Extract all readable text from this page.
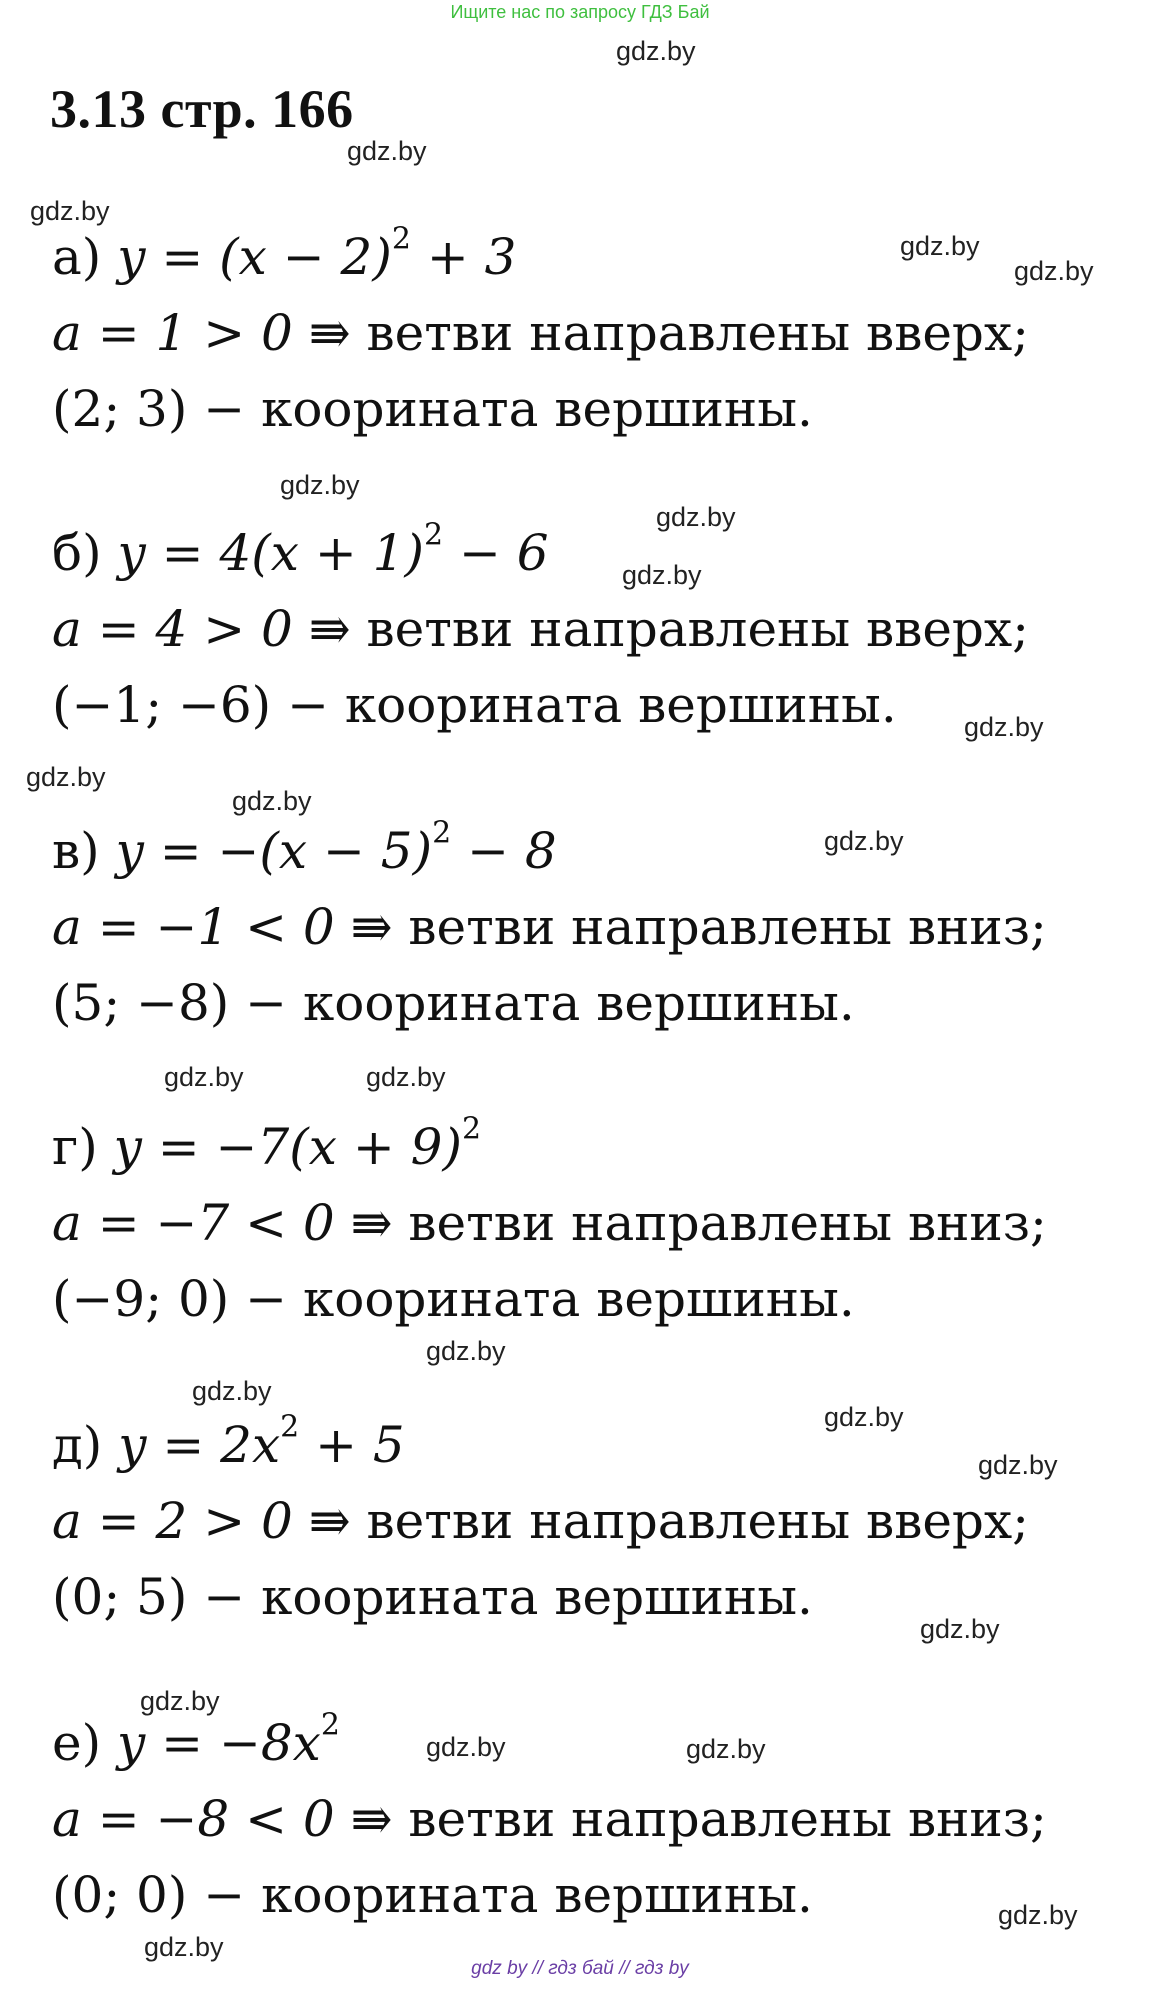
Ищите нас по запросу ГДЗ Бай
3.13 стр. 166
а) $y = (x - 2)^2 + 3$
a = 1 > 0 ⇛ ветви направлены вверх;
(2; 3) − коорината вершины.
б) $y = 4(x + 1)^2 - 6$
a = 4 > 0 ⇛ ветви направлены вверх;
(−1; −6) − коорината вершины.
в) $y = -(x - 5)^2 - 8$
a = −1 < 0 ⇛ ветви направлены вниз;
(5; −8) − коорината вершины.
г) $y = -7(x + 9)^2$
a = −7 < 0 ⇛ ветви направлены вниз;
(−9; 0) − коорината вершины.
д) $y = 2x^2 + 5$
a = 2 > 0 ⇛ ветви направлены вверх;
(0; 5) − коорината вершины.
е) $y = -8x^2$
a = −8 < 0 ⇛ ветви направлены вниз;
(0; 0) − коорината вершины.
gdz.by
gdz.by
gdz.by
gdz.by
gdz.by
gdz.by
gdz.by
gdz.by
gdz.by
gdz.by
gdz.by
gdz.by
gdz.by	gdz.by
gdz.by
gdz.by
gdz.by
gdz.by
gdz.by
gdz.by
gdz.by	gdz.by
gdz.by
gdz.by
gdz by // гдз бай // гдз by
